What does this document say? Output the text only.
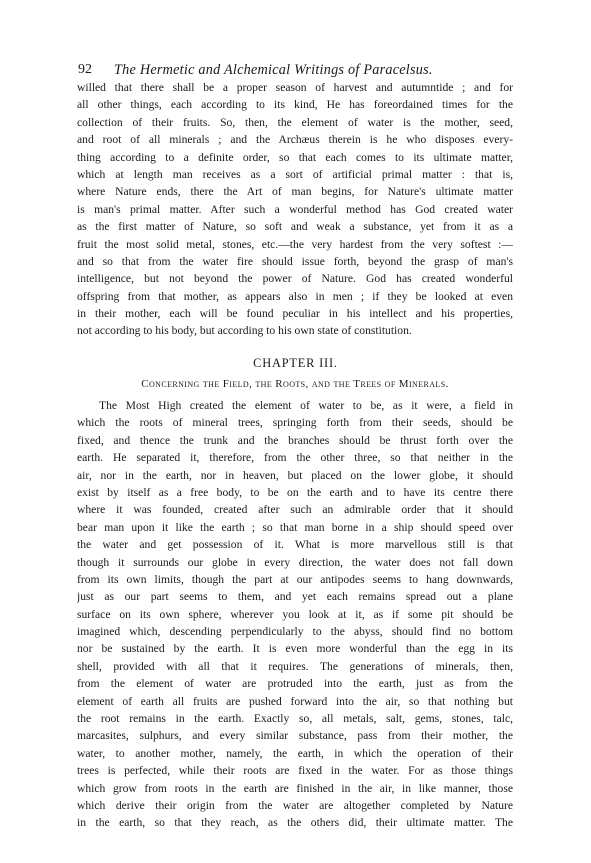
92 The Hermetic and Alchemical Writings of Paracelsus.
willed that there shall be a proper season of harvest and autumntide ; and for
all other things, each according to its kind, He has foreordained times for the
collection of their fruits. So, then, the element of water is the mother, seed,
and root of all minerals ; and the Archæus therein is he who disposes every-
thing according to a definite order, so that each comes to its ultimate matter,
which at length man receives as a sort of artificial primal matter : that is,
where Nature ends, there the Art of man begins, for Nature's ultimate matter
is man's primal matter. After such a wonderful method has God created water
as the first matter of Nature, so soft and weak a substance, yet from it as a
fruit the most solid metal, stones, etc.—the very hardest from the very softest :—
and so that from the water fire should issue forth, beyond the grasp of man's
intelligence, but not beyond the power of Nature. God has created wonderful
offspring from that mother, as appears also in men ; if they be looked at even
in their mother, each will be found peculiar in his intellect and his properties,
not according to his body, but according to his own state of constitution.
CHAPTER III.
Concerning the Field, the Roots, and the Trees of Minerals.
The Most High created the element of water to be, as it were, a field in
which the roots of mineral trees, springing forth from their seeds, should be
fixed, and thence the trunk and the branches should be thrust forth over the
earth. He separated it, therefore, from the other three, so that neither in the
air, nor in the earth, nor in heaven, but placed on the lower globe, it should
exist by itself as a free body, to be on the earth and to have its centre there
where it was founded, created after such an admirable order that it should
bear man upon it like the earth ; so that man borne in a ship should speed over
the water and get possession of it. What is more marvellous still is that
though it surrounds our globe in every direction, the water does not fall down
from its own limits, though the part at our antipodes seems to hang downwards,
just as our part seems to them, and yet each remains spread out a plane
surface on its own sphere, wherever you look at it, as if some pit should be
imagined which, descending perpendicularly to the abyss, should find no bottom
nor be sustained by the earth. It is even more wonderful than the egg in its
shell, provided with all that it requires. The generations of minerals, then,
from the element of water are protruded into the earth, just as from the
element of earth all fruits are pushed forward into the air, so that nothing but
the root remains in the earth. Exactly so, all metals, salt, gems, stones, talc,
marcasites, sulphurs, and every similar substance, pass from their mother, the
water, to another mother, namely, the earth, in which the operation of their
trees is perfected, while their roots are fixed in the water. For as those things
which grow from roots in the earth are finished in the air, in like manner, those
which derive their origin from the water are altogether completed by Nature
in the earth, so that they reach, as the others did, their ultimate matter. The
